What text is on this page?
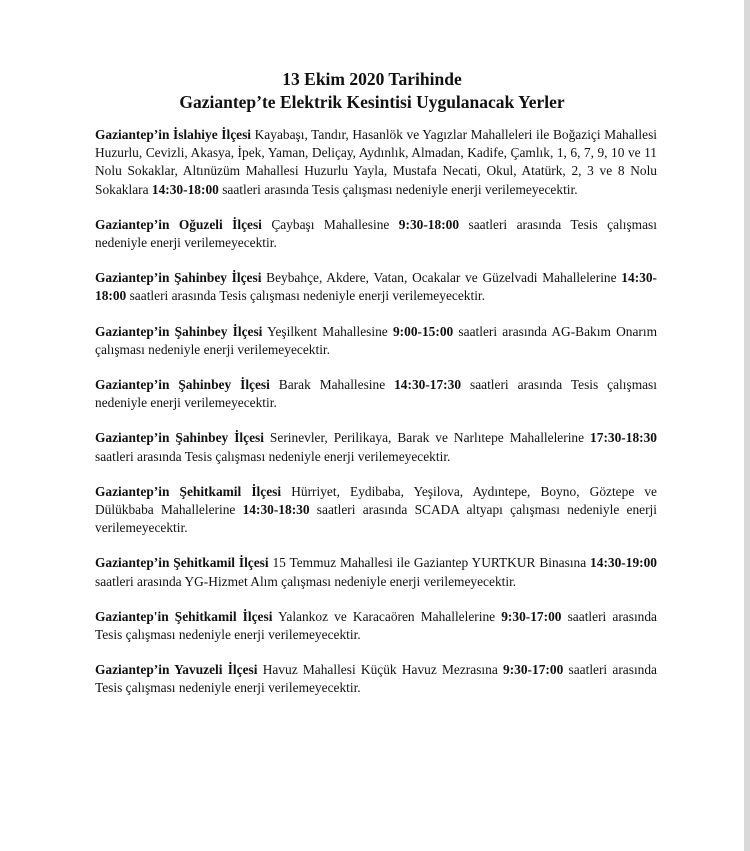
13 Ekim 2020 Tarihinde
Gaziantep’te Elektrik Kesintisi Uygulanacak Yerler

Gaziantep’in İslahiye İlçesi Kayabaşı, Tandır, Hasanlök ve Yagızlar Mahalleleri ile Boğaziçi Mahallesi Huzurlu, Cevizli, Akasya, İpek, Yaman, Deliçay, Aydınlık, Almadan, Kadife, Çamlık, 1, 6, 7, 9, 10 ve 11 Nolu Sokaklar, Altınüzüm Mahallesi Huzurlu Yayla, Mustafa Necati, Okul, Atatürk, 2, 3 ve 8 Nolu Sokaklara 14:30-18:00 saatleri arasında Tesis çalışması nedeniyle enerji verilemeyecektir.

Gaziantep’in Oğuzeli İlçesi Çaybaşı Mahallesine 9:30-18:00 saatleri arasında Tesis çalışması nedeniyle enerji verilemeyecektir.

Gaziantep’in Şahinbey İlçesi Beybahçe, Akdere, Vatan, Ocakalar ve Güzelvadi Mahallelerine 14:30-18:00 saatleri arasında Tesis çalışması nedeniyle enerji verilemeyecektir.

Gaziantep’in Şahinbey İlçesi Yeşilkent Mahallesine 9:00-15:00 saatleri arasında AG-Bakım Onarım çalışması nedeniyle enerji verilemeyecektir.

Gaziantep’in Şahinbey İlçesi Barak Mahallesine 14:30-17:30 saatleri arasında Tesis çalışması nedeniyle enerji verilemeyecektir.

Gaziantep’in Şahinbey İlçesi Serinevler, Perilikaya, Barak ve Narlıtepe Mahallelerine 17:30-18:30 saatleri arasında Tesis çalışması nedeniyle enerji verilemeyecektir.

Gaziantep’in Şehitkamil İlçesi Hürriyet, Eydibaba, Yeşilova, Aydıntepe, Boyno, Göztepe ve Dülükbaba Mahallelerine 14:30-18:30 saatleri arasında SCADA altyapı çalışması nedeniyle enerji verilemeyecektir.

Gaziantep’in Şehitkamil İlçesi 15 Temmuz Mahallesi ile Gaziantep YURTKUR Binasına 14:30-19:00 saatleri arasında YG-Hizmet Alım çalışması nedeniyle enerji verilemeyecektir.

Gaziantep'in Şehitkamil İlçesi Yalankoz ve Karacaören Mahallelerine 9:30-17:00 saatleri arasında Tesis çalışması nedeniyle enerji verilemeyecektir.

Gaziantep’in Yavuzeli İlçesi Havuz Mahallesi Küçük Havuz Mezrasına 9:30-17:00 saatleri arasında Tesis çalışması nedeniyle enerji verilemeyecektir.
